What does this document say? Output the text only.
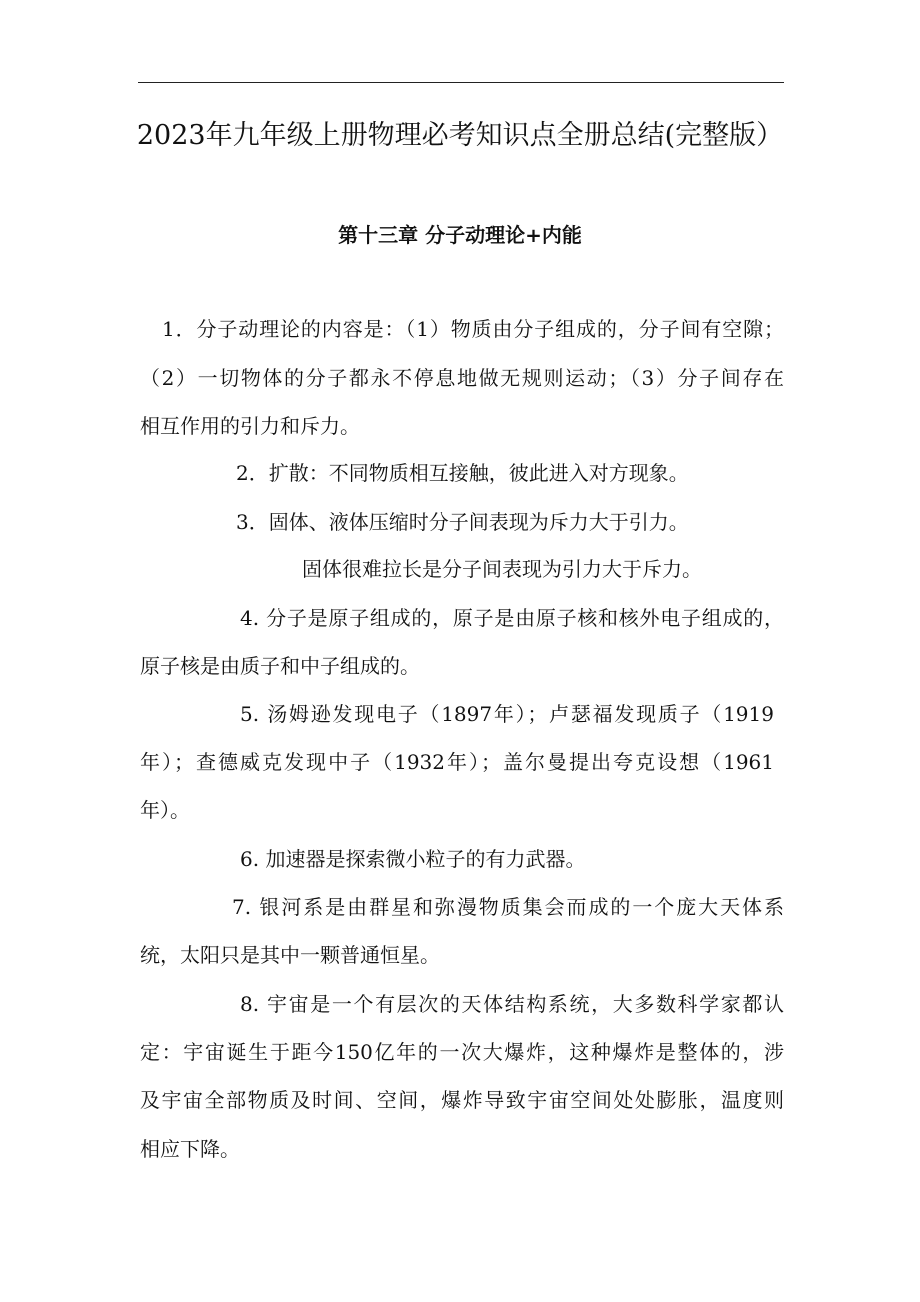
2023年九年级上册物理必考知识点全册总结(完整版）
第十三章 分子动理论+内能
1．分子动理论的内容是：（1）物质由分子组成的，分子间有空隙；
（2）一切物体的分子都永不停息地做无规则运动；（3）分子间存在
相互作用的引力和斥力。
2．扩散：不同物质相互接触，彼此进入对方现象。
3．固体、液体压缩时分子间表现为斥力大于引力。
固体很难拉长是分子间表现为引力大于斥力。
4. 分子是原子组成的，原子是由原子核和核外电子组成的，
原子核是由质子和中子组成的。
5. 汤姆逊发现电子（1897年）；卢瑟福发现质子（1919
年）；查德威克发现中子（1932年）；盖尔曼提出夸克设想（1961
年）。
6. 加速器是探索微小粒子的有力武器。
7. 银河系是由群星和弥漫物质集会而成的一个庞大天体系
统，太阳只是其中一颗普通恒星。
8. 宇宙是一个有层次的天体结构系统，大多数科学家都认
定：宇宙诞生于距今150亿年的一次大爆炸，这种爆炸是整体的，涉
及宇宙全部物质及时间、空间，爆炸导致宇宙空间处处膨胀，温度则
相应下降。
